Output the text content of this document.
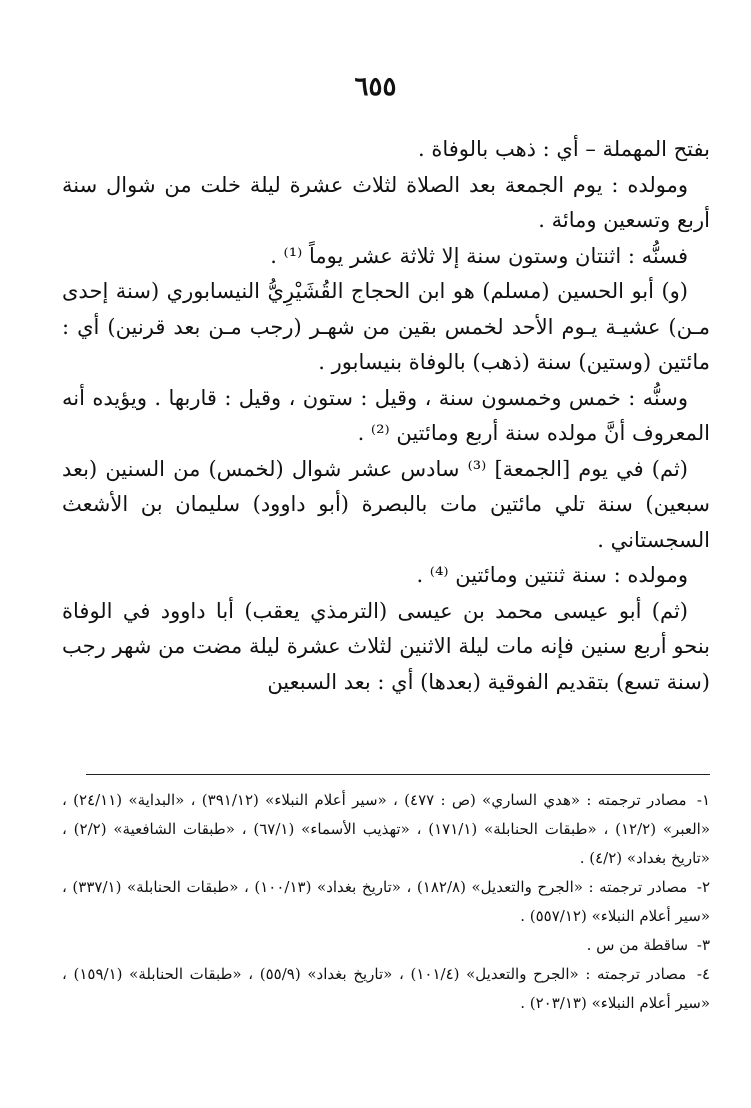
٦٥٥

بفتح المهملة – أي : ذهب بالوفاة .

ومولده : يوم الجمعة بعد الصلاة لثلاث عشرة ليلة خلت من شوال سنة أربع وتسعين ومائة .

فسنُّه : اثنتان وستون سنة إلا ثلاثة عشر يوماً ⁽¹⁾ .

(و) أبو الحسين (مسلم) هو ابن الحجاج القُشَيْرِيُّ النيسابوري (سنة إحدى مـن) عشيـة يـوم الأحد لخمس بقين من شهـر (رجب مـن بعد قرنين) أي : مائتين (وستين) سنة (ذهب) بالوفاة بنيسابور .

وسنُّه : خمس وخمسون سنة ، وقيل : ستون ، وقيل : قاربها . ويؤيده أنه المعروف أنَّ مولده سنة أربع ومائتين ⁽²⁾ .

(ثم) في يوم [الجمعة] ⁽³⁾ سادس عشر شوال (لخمس) من السنين (بعد سبعين) سنة تلي مائتين مات بالبصرة (أبو داوود) سليمان بن الأشعث السجستاني .

ومولده : سنة ثنتين ومائتين ⁽⁴⁾ .

(ثم) أبو عيسى محمد بن عيسى (الترمذي يعقب) أبا داوود في الوفاة بنحو أربع سنين فإنه مات ليلة الاثنين لثلاث عشرة ليلة مضت من شهر رجب (سنة تسع) بتقديم الفوقية (بعدها) أي : بعد السبعين

١- مصادر ترجمته : «هدي الساري» (ص : ٤٧٧) ، «سير أعلام النبلاء» (٣٩١/١٢) ، «البداية» (٢٤/١١) ، «العبر» (١٢/٢) ، «طبقات الحنابلة» (١٧١/١) ، «تهذيب الأسماء» (٦٧/١) ، «طبقات الشافعية» (٢/٢) ، «تاريخ بغداد» (٤/٢) .

٢- مصادر ترجمته : «الجرح والتعديل» (١٨٢/٨) ، «تاريخ بغداد» (١٠٠/١٣) ، «طبقات الحنابلة» (٣٣٧/١) ، «سير أعلام النبلاء» (٥٥٧/١٢) .

٣- ساقطة من س .

٤- مصادر ترجمته : «الجرح والتعديل» (١٠١/٤) ، «تاريخ بغداد» (٥٥/٩) ، «طبقات الحنابلة» (١٥٩/١) ، «سير أعلام النبلاء» (٢٠٣/١٣) .
